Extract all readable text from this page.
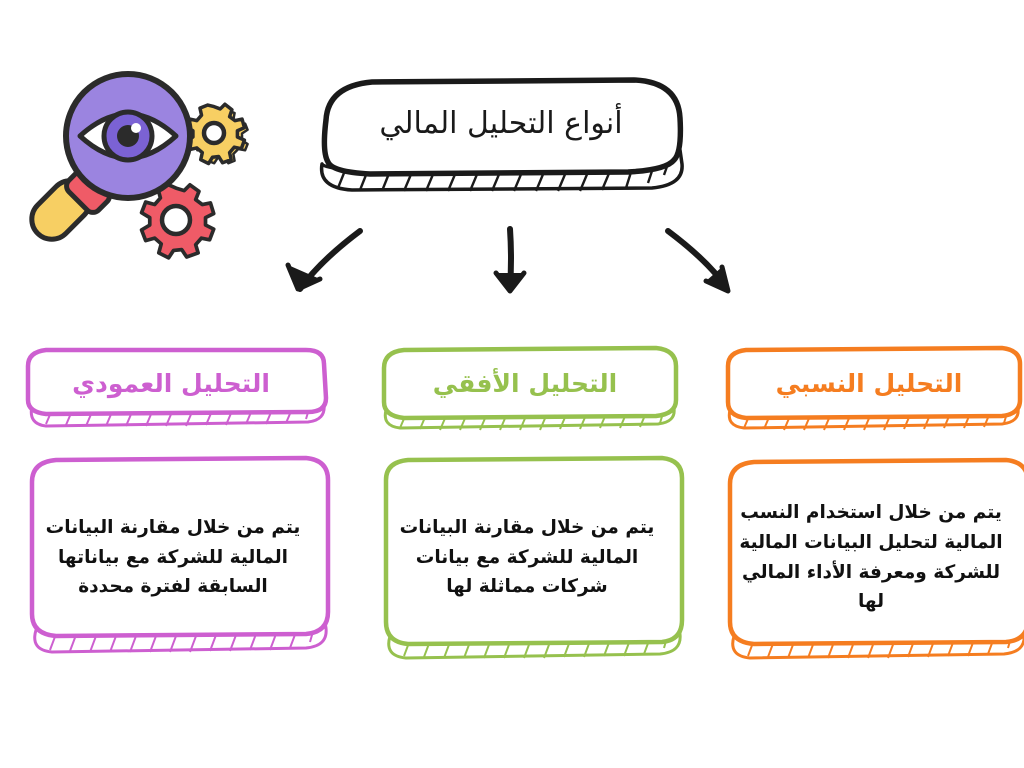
أنواع التحليل المالي
التحليل النسبي
يتم من خلال استخدام النسب المالية لتحليل البيانات المالية للشركة ومعرفة الأداء المالي لها
التحليل الأفقي
يتم من خلال مقارنة البيانات المالية للشركة مع بيانات شركات مماثلة لها
التحليل العمودي
يتم من خلال مقارنة البيانات المالية للشركة مع بياناتها السابقة لفترة محددة
